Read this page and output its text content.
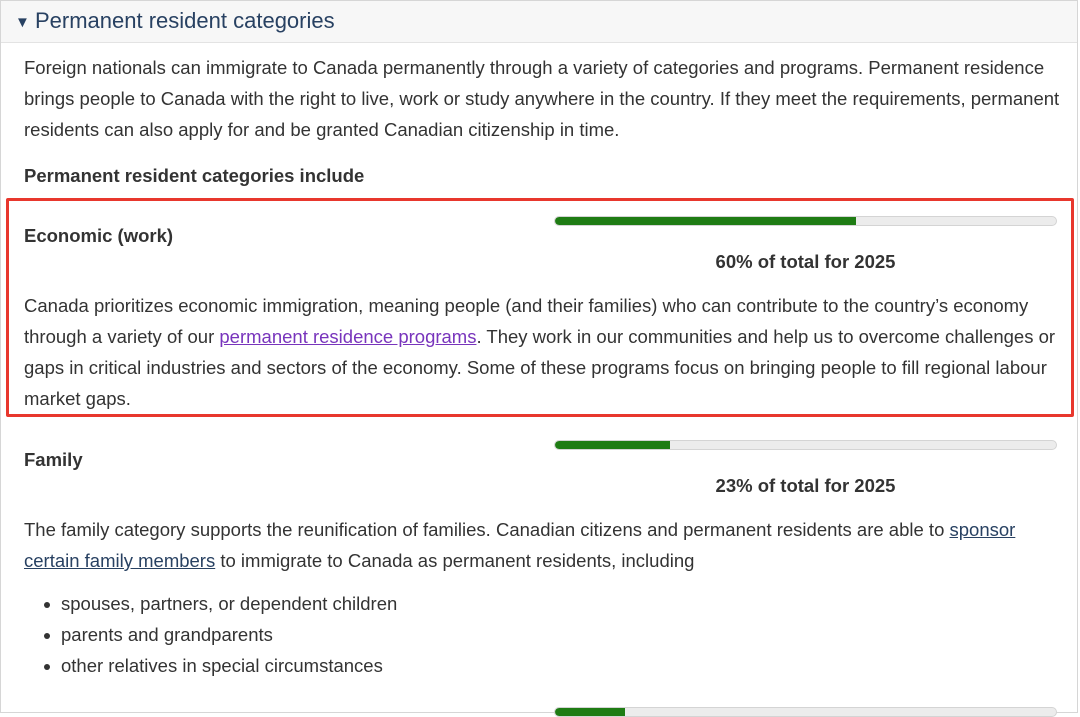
▼ Permanent resident categories
Foreign nationals can immigrate to Canada permanently through a variety of categories and programs. Permanent residence brings people to Canada with the right to live, work or study anywhere in the country. If they meet the requirements, permanent residents can also apply for and be granted Canadian citizenship in time.
Permanent resident categories include
Economic (work)
60% of total for 2025
Canada prioritizes economic immigration, meaning people (and their families) who can contribute to the country’s economy through a variety of our permanent residence programs. They work in our communities and help us to overcome challenges or gaps in critical industries and sectors of the economy. Some of these programs focus on bringing people to fill regional labour market gaps.
Family
23% of total for 2025
The family category supports the reunification of families. Canadian citizens and permanent residents are able to sponsor certain family members to immigrate to Canada as permanent residents, including
spouses, partners, or dependent children
parents and grandparents
other relatives in special circumstances
